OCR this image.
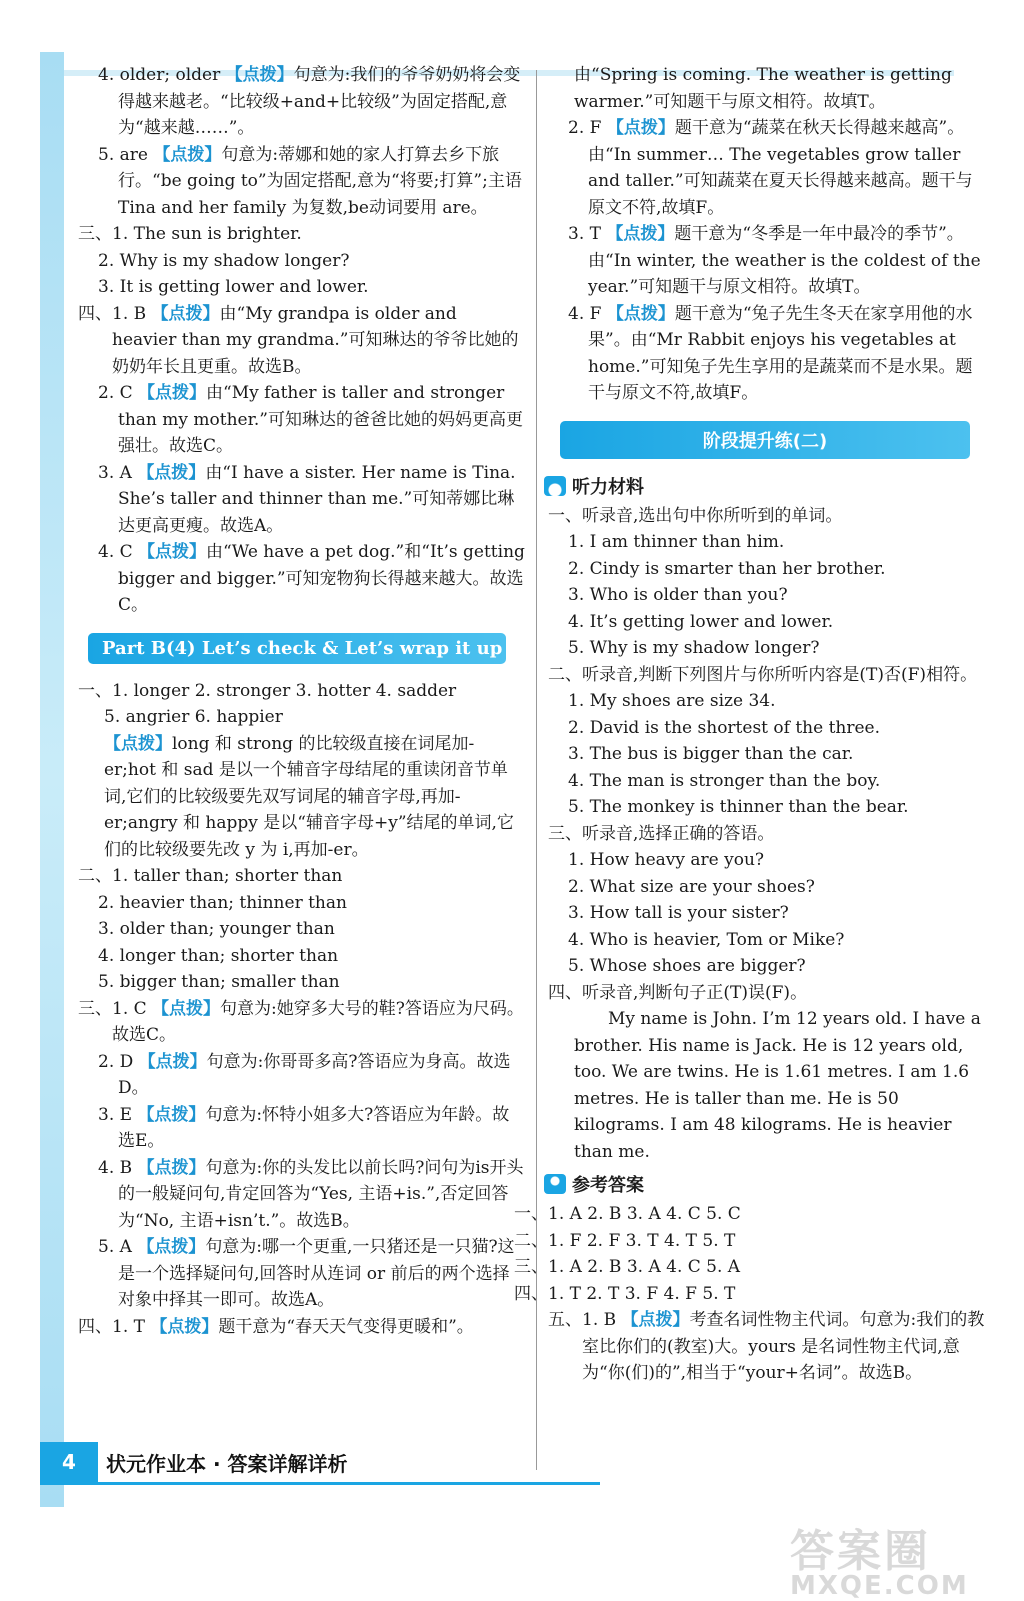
4. older; older 【点拨】句意为:我们的爷爷奶奶将会变得越来越老。“比较级+and+比较级”为固定搭配,意为“越来越……”。

5. are 【点拨】句意为:蒂娜和她的家人打算去乡下旅行。“be going to”为固定搭配,意为“将要;打算”;主语 Tina and her family 为复数,be动词要用 are。

三、1. The sun is brighter.

2. Why is my shadow longer?

3. It is getting lower and lower.

四、1. B 【点拨】由“My grandpa is older and heavier than my grandma.”可知琳达的爷爷比她的奶奶年长且更重。故选B。

2. C 【点拨】由“My father is taller and stronger than my mother.”可知琳达的爸爸比她的妈妈更高更强壮。故选C。

3. A 【点拨】由“I have a sister. Her name is Tina. She’s taller and thinner than me.”可知蒂娜比琳达更高更瘦。故选A。

4. C 【点拨】由“We have a pet dog.”和“It’s getting bigger and bigger.”可知宠物狗长得越来越大。故选C。

Part B(4) Let’s check & Let’s wrap it up

一、1. longer 2. stronger 3. hotter 4. sadder

5. angrier 6. happier

【点拨】long 和 strong 的比较级直接在词尾加-er;hot 和 sad 是以一个辅音字母结尾的重读闭音节单词,它们的比较级要先双写词尾的辅音字母,再加-er;angry 和 happy 是以“辅音字母+y”结尾的单词,它们的比较级要先改 y 为 i,再加-er。

二、1. taller than; shorter than

2. heavier than; thinner than

3. older than; younger than

4. longer than; shorter than

5. bigger than; smaller than

三、1. C 【点拨】句意为:她穿多大号的鞋?答语应为尺码。故选C。

2. D 【点拨】句意为:你哥哥多高?答语应为身高。故选D。

3. E 【点拨】句意为:怀特小姐多大?答语应为年龄。故选E。

4. B 【点拨】句意为:你的头发比以前长吗?问句为is开头的一般疑问句,肯定回答为“Yes, 主语+is.”,否定回答为“No, 主语+isn’t.”。故选B。

5. A 【点拨】句意为:哪一个更重,一只猪还是一只猫?这是一个选择疑问句,回答时从连词 or 前后的两个选择对象中择其一即可。故选A。

四、1. T 【点拨】题干意为“春天天气变得更暖和”。

由“Spring is coming. The weather is getting warmer.”可知题干与原文相符。故填T。

2. F 【点拨】题干意为“蔬菜在秋天长得越来越高”。由“In summer… The vegetables grow taller and taller.”可知蔬菜在夏天长得越来越高。题干与原文不符,故填F。

3. T 【点拨】题干意为“冬季是一年中最冷的季节”。由“In winter, the weather is the coldest of the year.”可知题干与原文相符。故填T。

4. F 【点拨】题干意为“兔子先生冬天在家享用他的水果”。由“Mr Rabbit enjoys his vegetables at home.”可知兔子先生享用的是蔬菜而不是水果。题干与原文不符,故填F。

阶段提升练(二)
听力材料

一、听录音,选出句中你所听到的单词。

1. I am thinner than him.

2. Cindy is smarter than her brother.

3. Who is older than you?

4. It’s getting lower and lower.

5. Why is my shadow longer?

二、听录音,判断下列图片与你所听内容是(T)否(F)相符。

1. My shoes are size 34.

2. David is the shortest of the three.

3. The bus is bigger than the car.

4. The man is stronger than the boy.

5. The monkey is thinner than the bear.

三、听录音,选择正确的答语。

1. How heavy are you?

2. What size are your shoes?

3. How tall is your sister?

4. Who is heavier, Tom or Mike?

5. Whose shoes are bigger?

四、听录音,判断句子正(T)误(F)。

My name is John. I’m 12 years old. I have a brother. His name is Jack. He is 12 years old, too. We are twins. He is 1.61 metres. I am 1.6 metres. He is taller than me. He is 50 kilograms. I am 48 kilograms. He is heavier than me.

参考答案

一、1. A 2. B 3. A 4. C 5. C

二、1. F 2. F 3. T 4. T 5. T

三、1. A 2. B 3. A 4. C 5. A

四、1. T 2. T 3. F 4. F 5. T

五、1. B 【点拨】考查名词性物主代词。句意为:我们的教室比你们的(教室)大。yours 是名词性物主代词,意为“你(们)的”,相当于“your+名词”。故选B。

4	状元作业本 · 答案详解详析
答案圈
MXQE.COM
